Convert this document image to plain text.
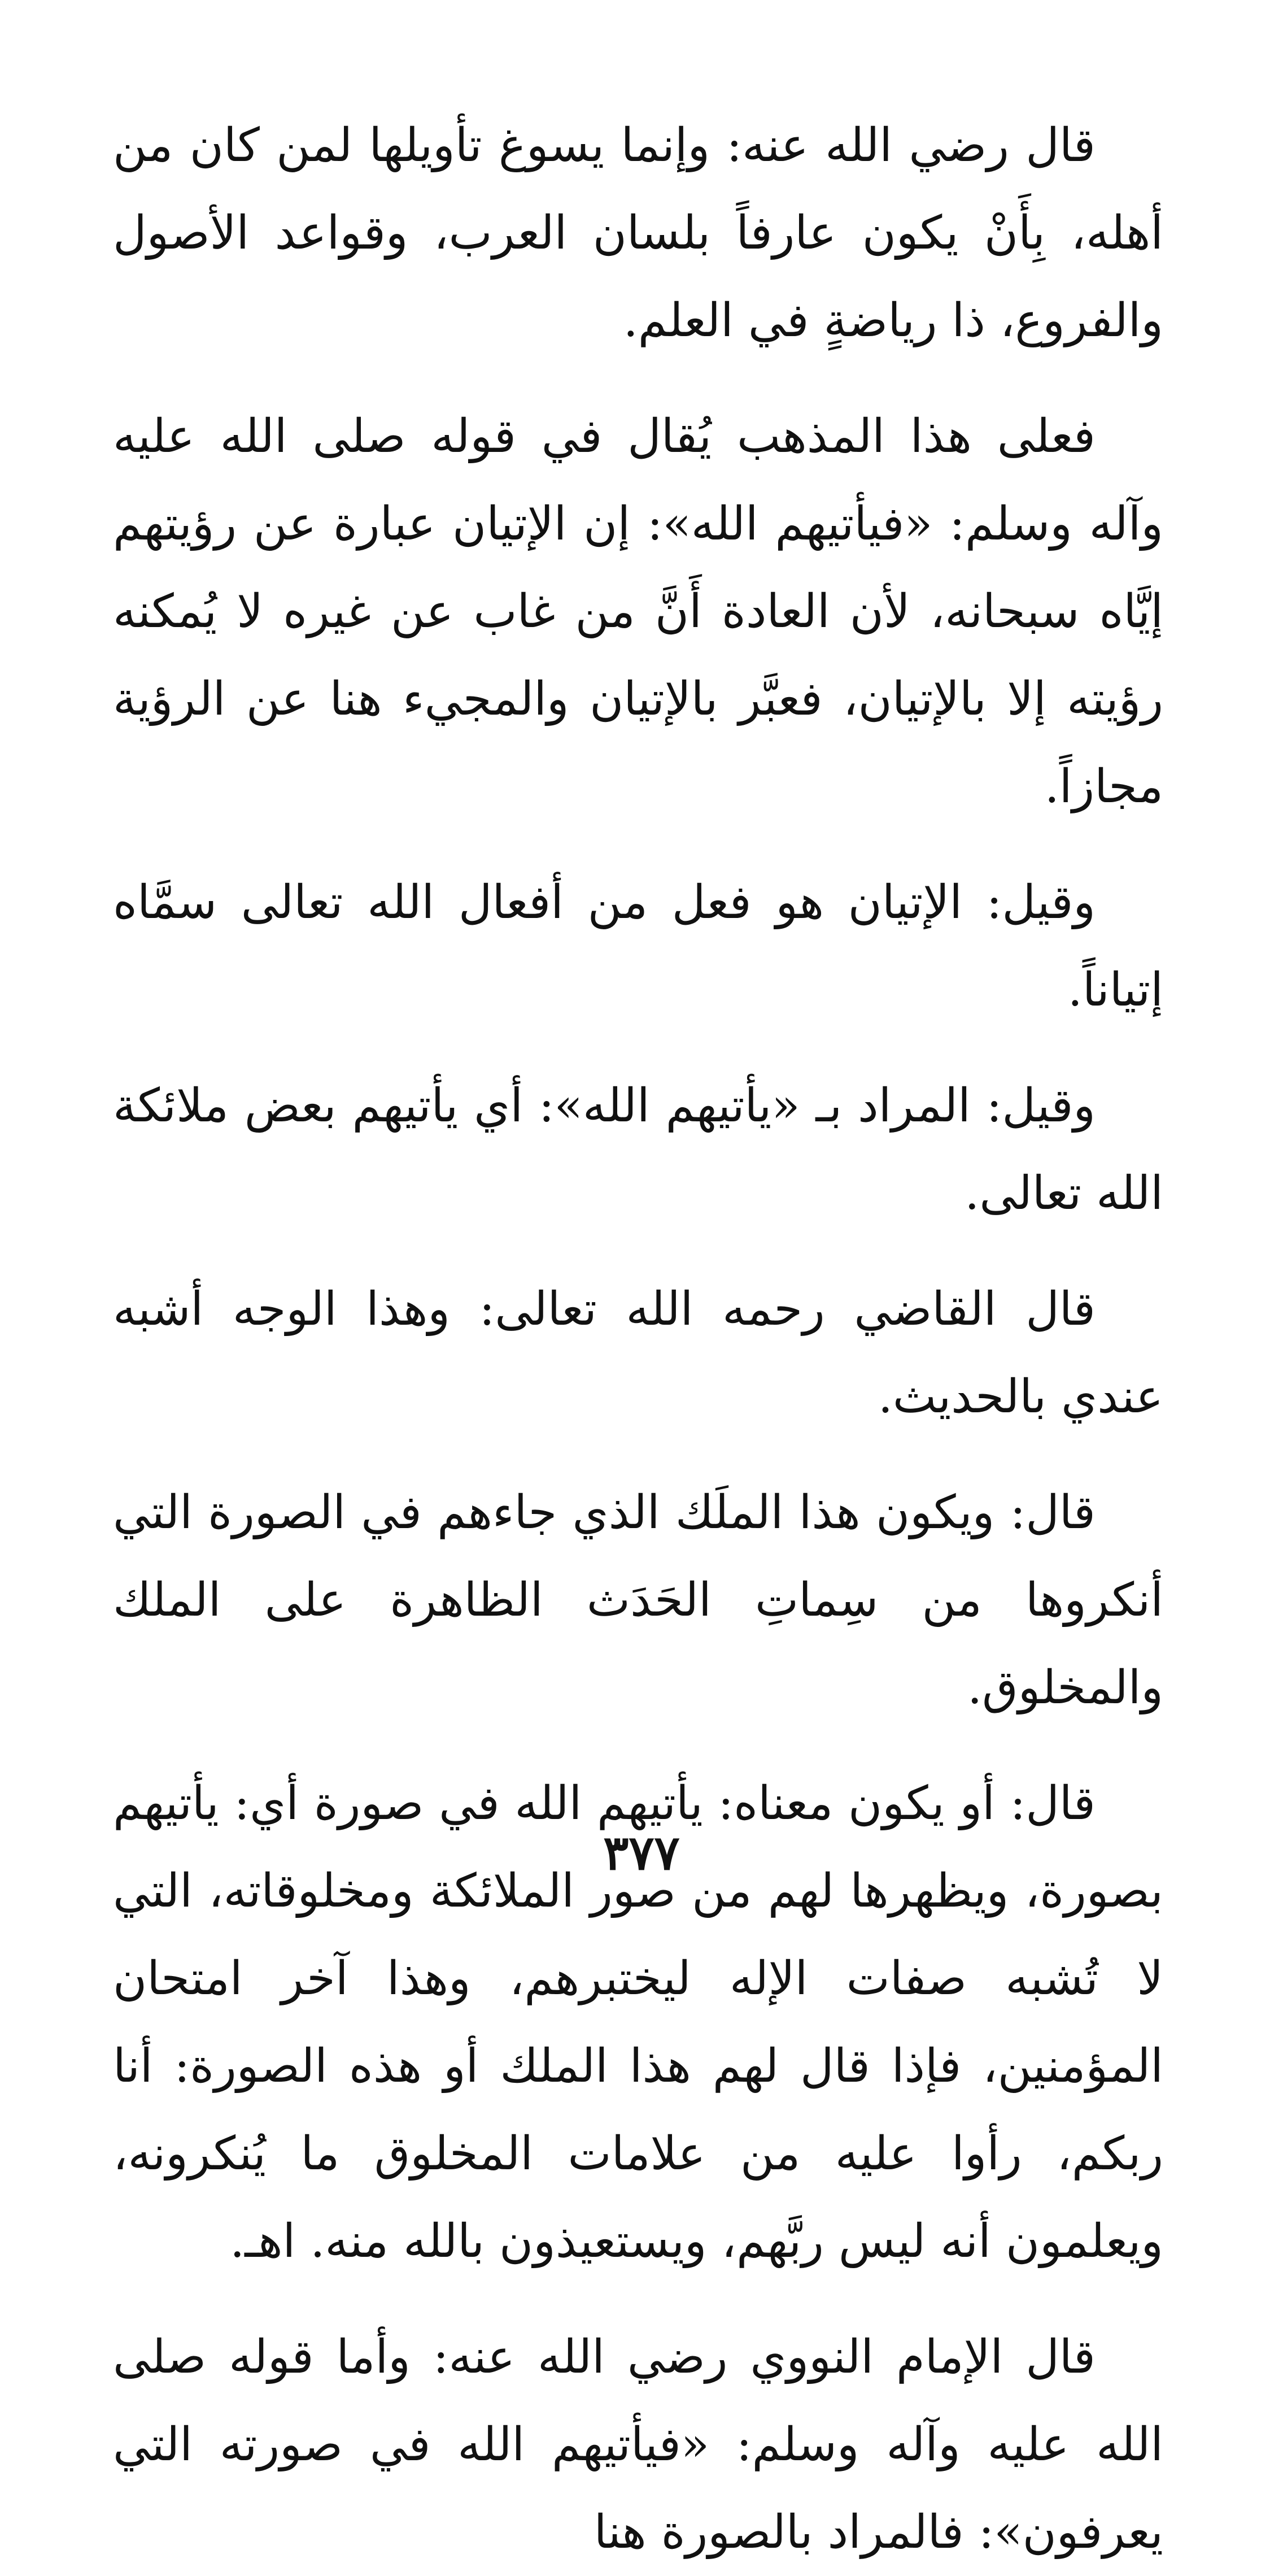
قال رضي الله عنه: وإنما يسوغ تأويلها لمن كان من أهله، بِأَنْ يكون عارفاً بلسان العرب، وقواعد الأصول والفروع، ذا رياضةٍ في العلم.

فعلى هذا المذهب يُقال في قوله صلى الله عليه وآله وسلم: «فيأتيهم الله»: إن الإتيان عبارة عن رؤيتهم إيَّاه سبحانه، لأن العادة أَنَّ من غاب عن غيره لا يُمكنه رؤيته إلا بالإتيان، فعبَّر بالإتيان والمجيء هنا عن الرؤية مجازاً.

وقيل: الإتيان هو فعل من أفعال الله تعالى سمَّاه إتياناً.

وقيل: المراد بـ «يأتيهم الله»: أي يأتيهم بعض ملائكة الله تعالى.

قال القاضي رحمه الله تعالى: وهذا الوجه أشبه عندي بالحديث.

قال: ويكون هذا الملَك الذي جاءهم في الصورة التي أنكروها من سِماتِ الحَدَث الظاهرة على الملك والمخلوق.

قال: أو يكون معناه: يأتيهم الله في صورة أي: يأتيهم بصورة، ويظهرها لهم من صور الملائكة ومخلوقاته، التي لا تُشبه صفات الإله ليختبرهم، وهذا آخر امتحان المؤمنين، فإذا قال لهم هذا الملك أو هذه الصورة: أنا ربكم، رأوا عليه من علامات المخلوق ما يُنكرونه، ويعلمون أنه ليس ربَّهم، ويستعيذون بالله منه. اهـ.

قال الإمام النووي رضي الله عنه: وأما قوله صلى الله عليه وآله وسلم: «فيأتيهم الله في صورته التي يعرفون»: فالمراد بالصورة هنا

٣٧٧
